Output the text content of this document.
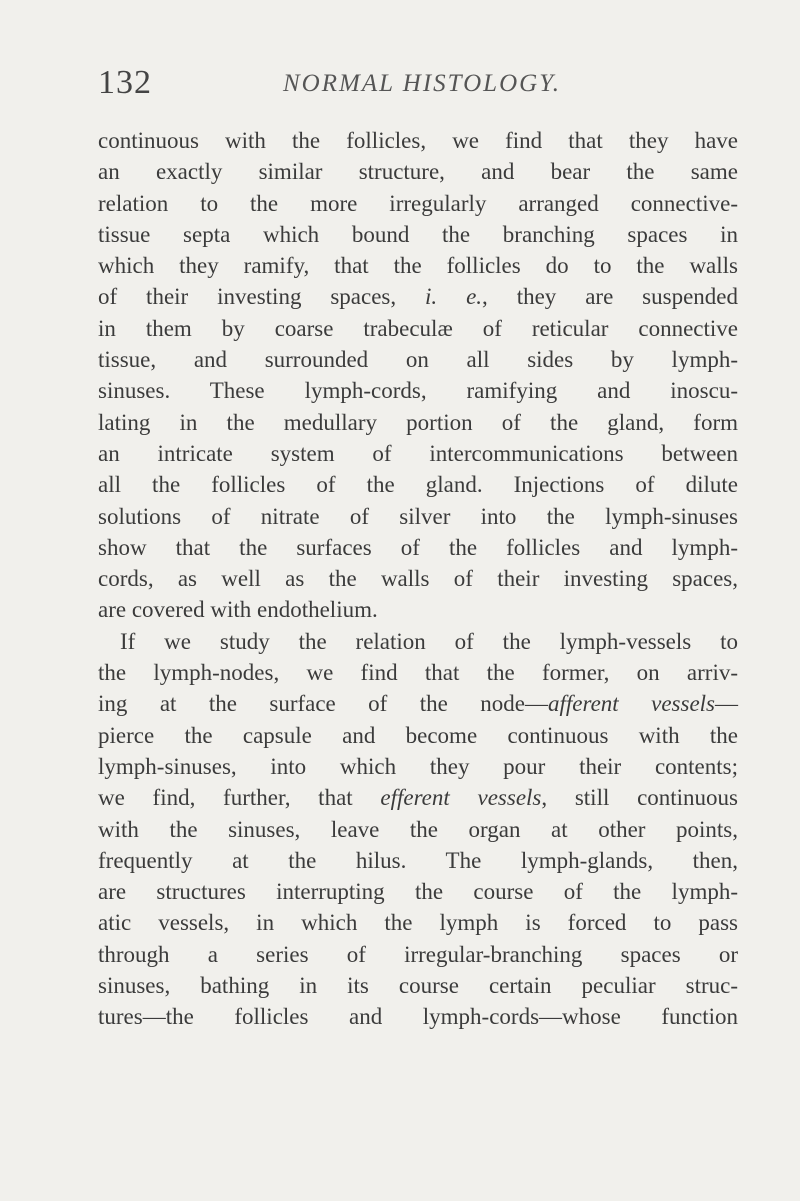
132	NORMAL HISTOLOGY.
continuous with the follicles, we find that they have
an exactly similar structure, and bear the same
relation to the more irregularly arranged connective-
tissue septa which bound the branching spaces in
which they ramify, that the follicles do to the walls
of their investing spaces, i. e., they are suspended
in them by coarse trabeculæ of reticular connective
tissue, and surrounded on all sides by lymph-
sinuses. These lymph-cords, ramifying and inoscu-
lating in the medullary portion of the gland, form
an intricate system of intercommunications between
all the follicles of the gland. Injections of dilute
solutions of nitrate of silver into the lymph-sinuses
show that the surfaces of the follicles and lymph-
cords, as well as the walls of their investing spaces,
are covered with endothelium.
If we study the relation of the lymph-vessels to
the lymph-nodes, we find that the former, on arriv-
ing at the surface of the node—afferent vessels—
pierce the capsule and become continuous with the
lymph-sinuses, into which they pour their contents;
we find, further, that efferent vessels, still continuous
with the sinuses, leave the organ at other points,
frequently at the hilus. The lymph-glands, then,
are structures interrupting the course of the lymph-
atic vessels, in which the lymph is forced to pass
through a series of irregular-branching spaces or
sinuses, bathing in its course certain peculiar struc-
tures—the follicles and lymph-cords—whose function
